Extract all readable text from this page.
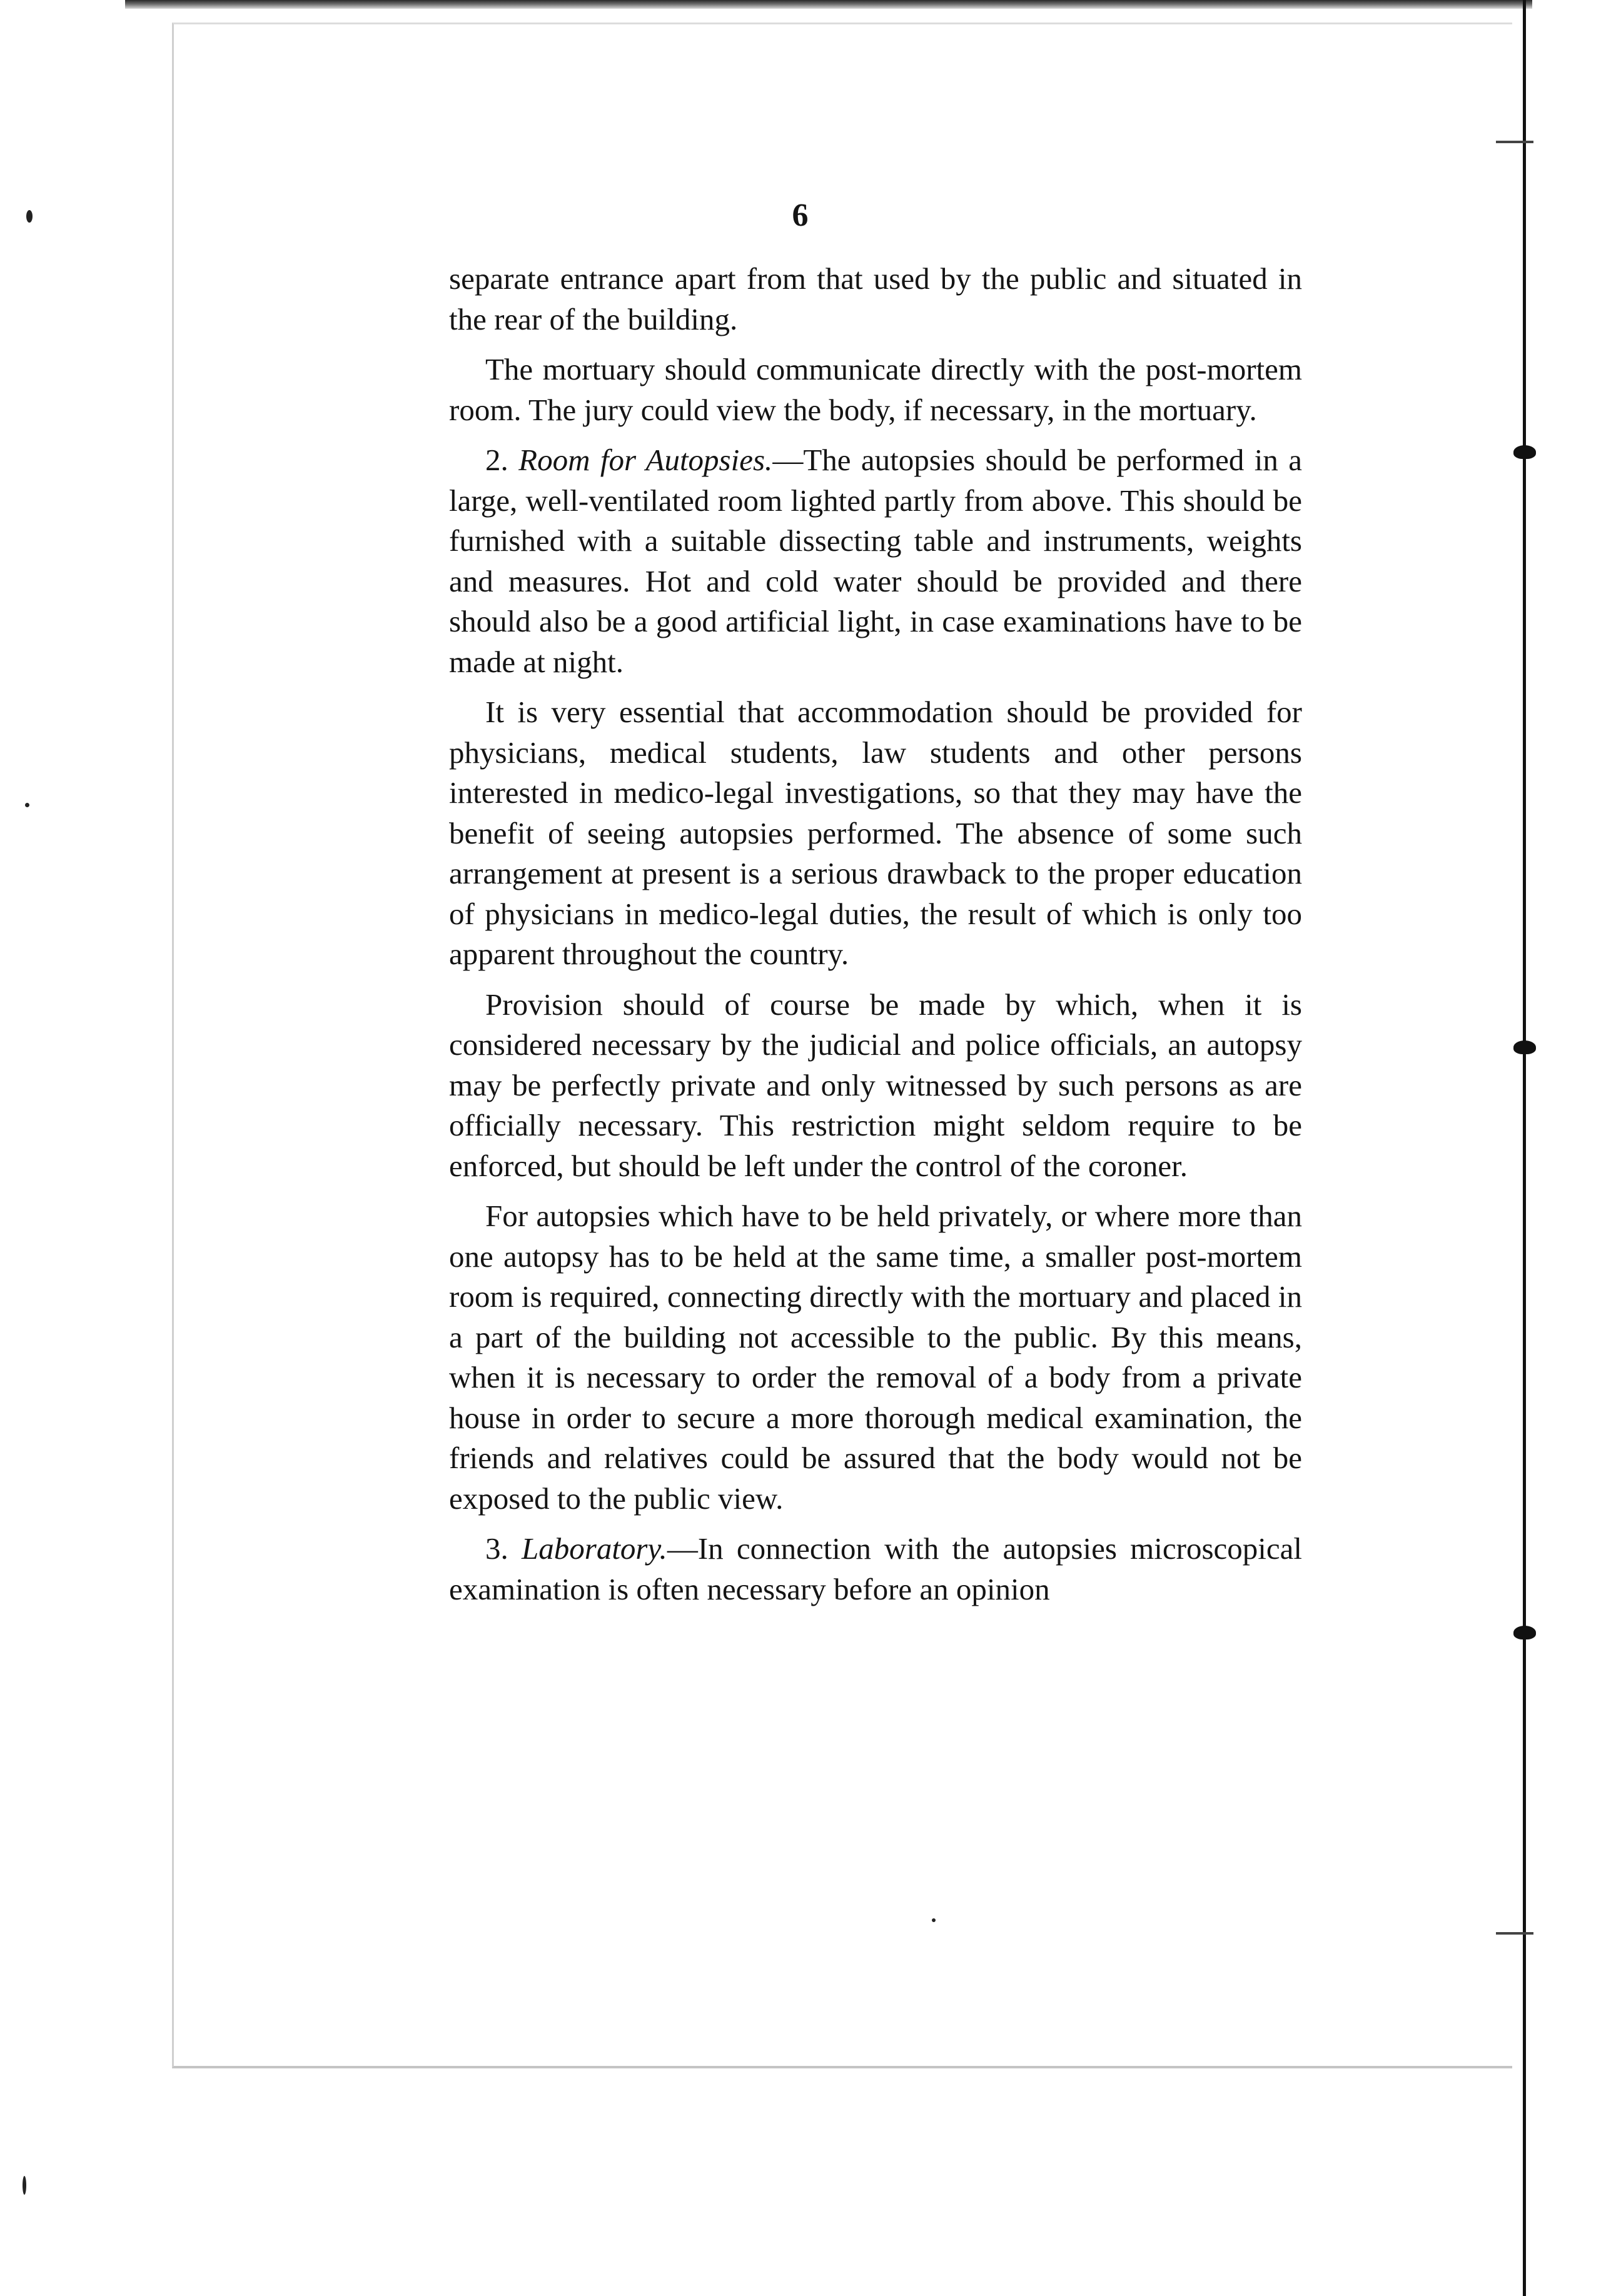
6

separate entrance apart from that used by the public and situated in the rear of the building.

The mortuary should communicate directly with the post-mortem room. The jury could view the body, if necessary, in the mortuary.

2. Room for Autopsies.—The autopsies should be performed in a large, well-ventilated room lighted partly from above. This should be furnished with a suitable dissecting table and instruments, weights and measures. Hot and cold water should be provided and there should also be a good artificial light, in case examinations have to be made at night.

It is very essential that accommodation should be provided for physicians, medical students, law students and other persons interested in medico-legal investigations, so that they may have the benefit of seeing autopsies performed. The absence of some such arrangement at present is a serious drawback to the proper education of physicians in medico-legal duties, the result of which is only too apparent throughout the country.

Provision should of course be made by which, when it is considered necessary by the judicial and police officials, an autopsy may be perfectly private and only witnessed by such persons as are officially necessary. This restriction might seldom require to be enforced, but should be left under the control of the coroner.

For autopsies which have to be held privately, or where more than one autopsy has to be held at the same time, a smaller post-mortem room is required, connecting directly with the mortuary and placed in a part of the building not accessible to the public. By this means, when it is necessary to order the removal of a body from a private house in order to secure a more thorough medical examination, the friends and relatives could be assured that the body would not be exposed to the public view.

3. Laboratory.—In connection with the autopsies microscopical examination is often necessary before an opinion
